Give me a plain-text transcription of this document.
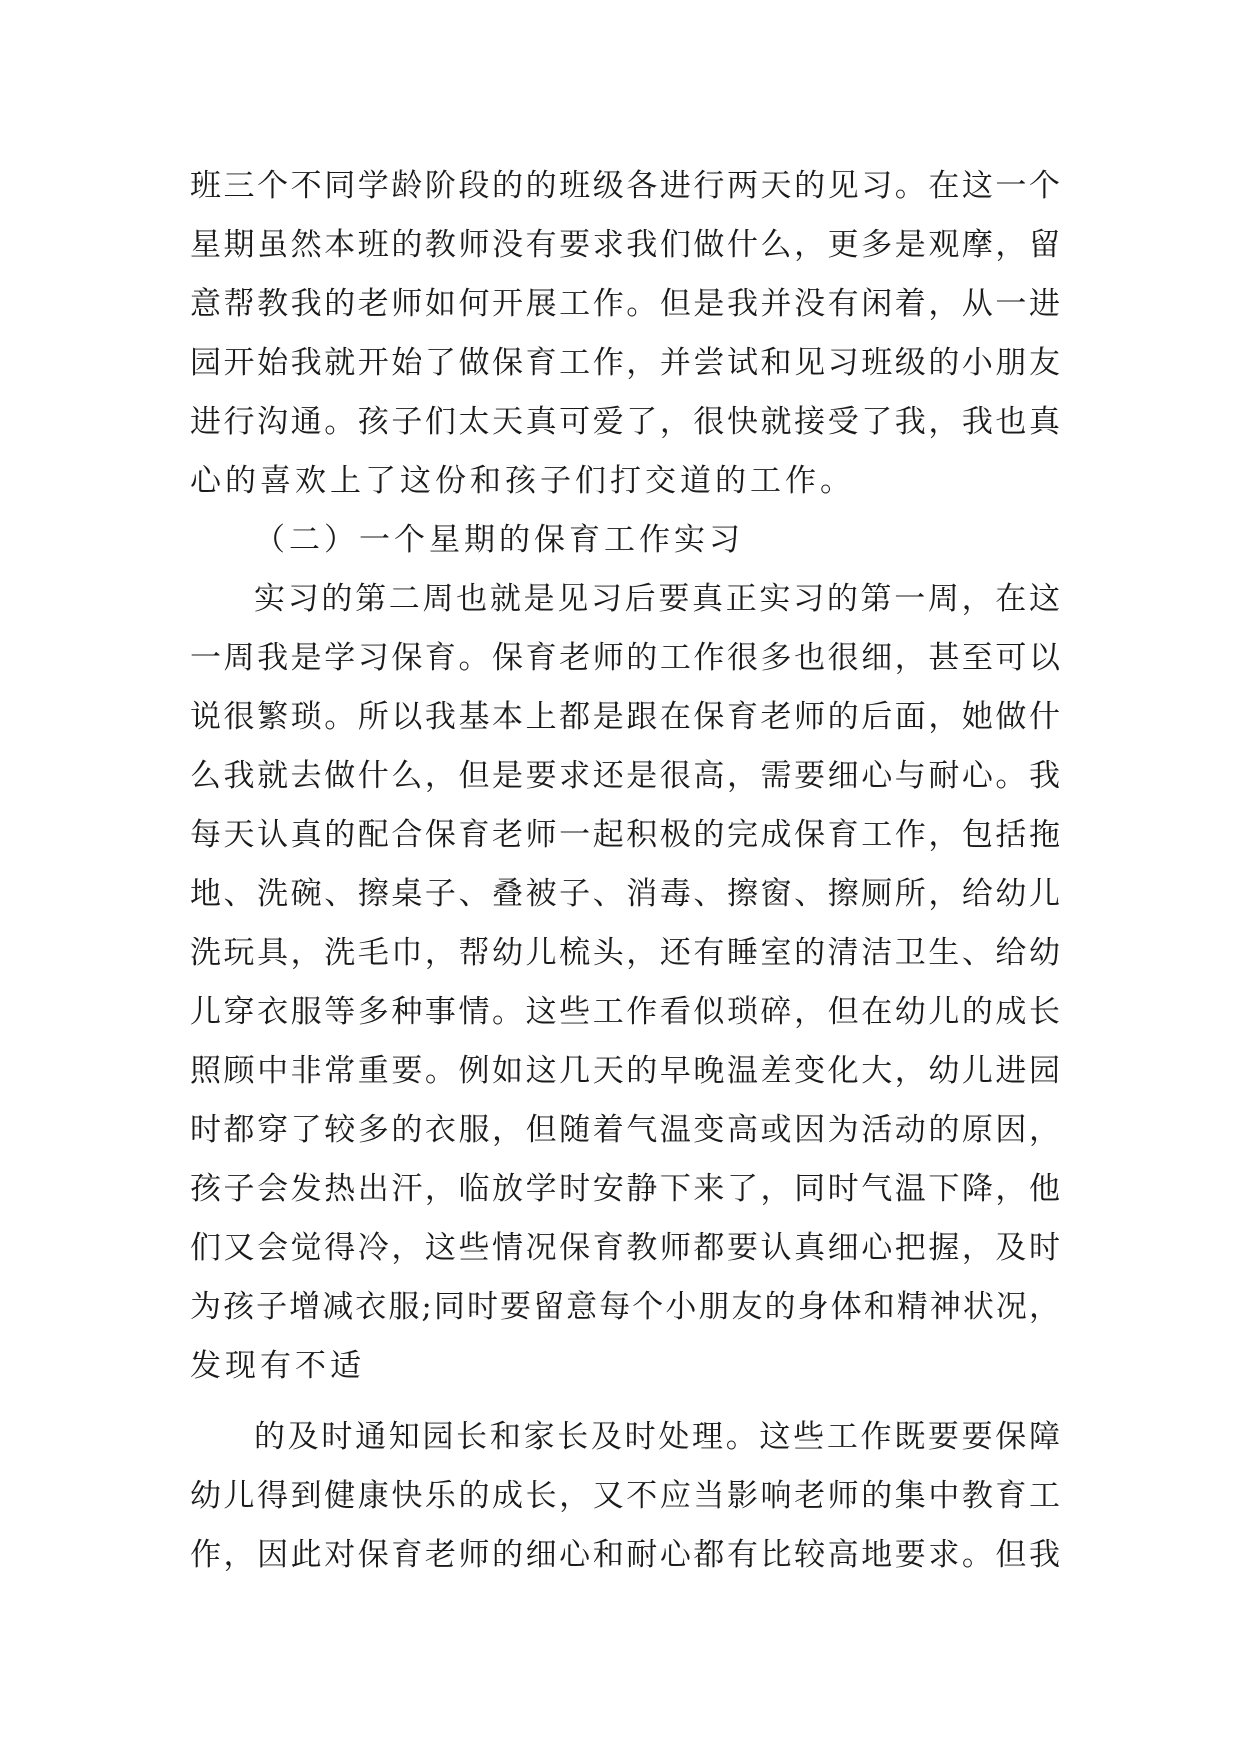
班三个不同学龄阶段的的班级各进行两天的见习。在这一个
星期虽然本班的教师没有要求我们做什么，更多是观摩，留
意帮教我的老师如何开展工作。但是我并没有闲着，从一进
园开始我就开始了做保育工作，并尝试和见习班级的小朋友
进行沟通。孩子们太天真可爱了，很快就接受了我，我也真
心的喜欢上了这份和孩子们打交道的工作。
（二）一个星期的保育工作实习
实习的第二周也就是见习后要真正实习的第一周，在这
一周我是学习保育。保育老师的工作很多也很细，甚至可以
说很繁琐。所以我基本上都是跟在保育老师的后面，她做什
么我就去做什么，但是要求还是很高，需要细心与耐心。我
每天认真的配合保育老师一起积极的完成保育工作，包括拖
地、洗碗、擦桌子、叠被子、消毒、擦窗、擦厕所，给幼儿
洗玩具，洗毛巾，帮幼儿梳头，还有睡室的清洁卫生、给幼
儿穿衣服等多种事情。这些工作看似琐碎，但在幼儿的成长
照顾中非常重要。例如这几天的早晚温差变化大，幼儿进园
时都穿了较多的衣服，但随着气温变高或因为活动的原因，
孩子会发热出汗，临放学时安静下来了，同时气温下降，他
们又会觉得冷，这些情况保育教师都要认真细心把握，及时
为孩子增减衣服;同时要留意每个小朋友的身体和精神状况，
发现有不适
的及时通知园长和家长及时处理。这些工作既要要保障
幼儿得到健康快乐的成长，又不应当影响老师的集中教育工
作，因此对保育老师的细心和耐心都有比较高地要求。但我
